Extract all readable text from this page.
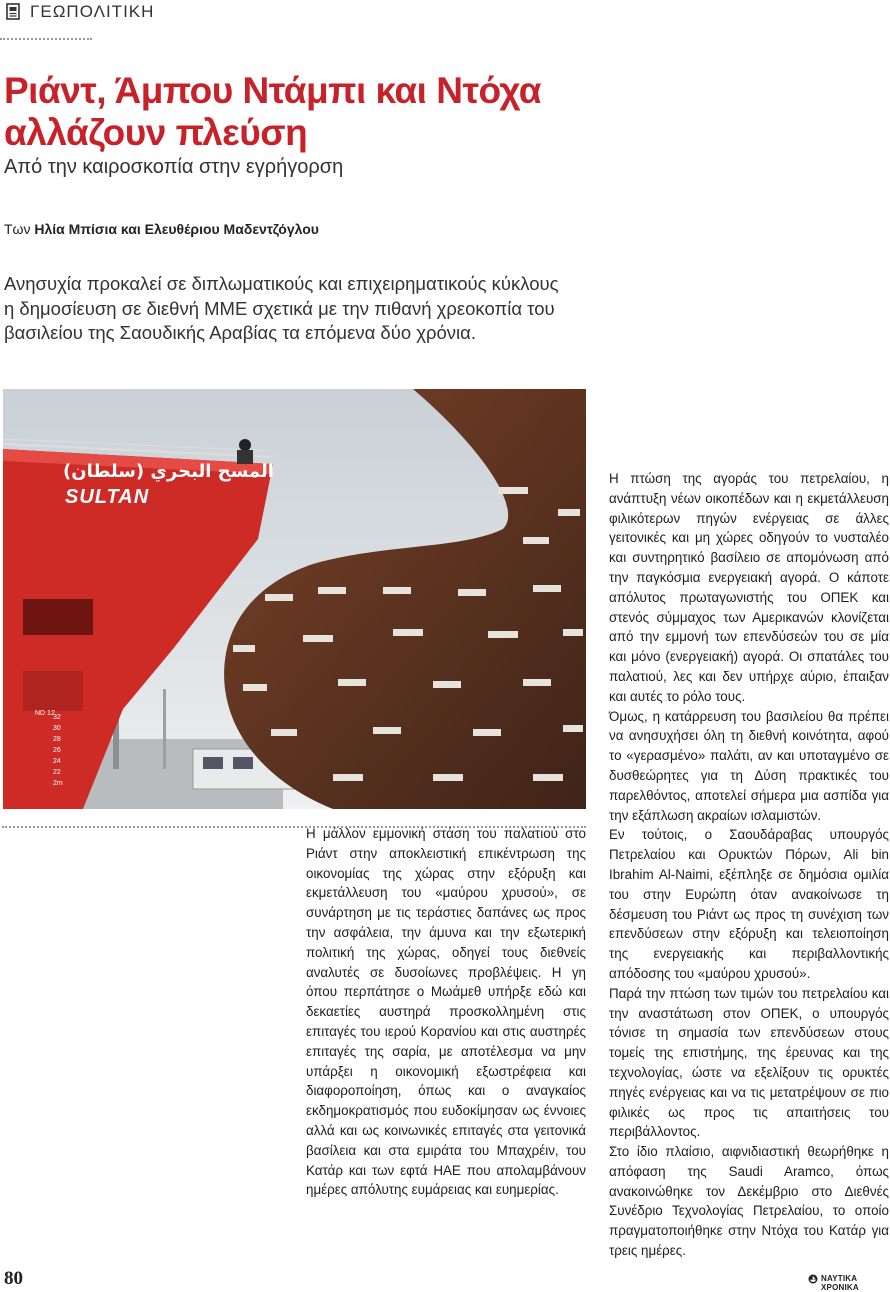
ΓΕΩΠΟΛΙΤΙΚΗ
Ριάντ, Άμπου Ντάμπι και Ντόχα αλλάζουν πλεύση
Από την καιροσκοπία στην εγρήγορση
Των Ηλία Μπίσια και Ελευθέριου Μαδεντζόγλου
Ανησυχία προκαλεί σε διπλωματικούς και επιχειρηματικούς κύκλους η δημοσίευση σε διεθνή ΜΜΕ σχετικά με την πιθανή χρεοκοπία του βασιλείου της Σαουδικής Αραβίας τα επόμενα δύο χρόνια.
المسح البحري (سلطان)
SULTAN
ND 12
32
30
28
26
24
22
2m

Η μάλλον εμμονική στάση του παλατιού στο Ριάντ στην αποκλειστική επικέντρωση της οικονομίας της χώρας στην εξόρυξη και εκμετάλλευση του «μαύρου χρυσού», σε συνάρτηση με τις τεράστιες δαπάνες ως προς την ασφάλεια, την άμυνα και την εξωτερική πολιτική της χώρας, οδηγεί τους διεθνείς αναλυτές σε δυσοίωνες προβλέψεις. Η γη όπου περπάτησε ο Μωάμεθ υπήρξε εδώ και δεκαετίες αυστηρά προσκολλημένη στις επιταγές του ιερού Κορανίου και στις αυστηρές επιταγές της σαρία, με αποτέλεσμα να μην υπάρξει η οικονομική εξωστρέφεια και διαφοροποίηση, όπως και ο αναγκαίος εκδημοκρατισμός που ευδοκίμησαν ως έννοιες αλλά και ως κοινωνικές επιταγές στα γειτονικά βασίλεια και στα εμιράτα του Μπαχρέιν, του Κατάρ και των εφτά ΗΑΕ που απολαμβάνουν ημέρες απόλυτης ευμάρειας και ευημερίας.

Η πτώση της αγοράς του πετρελαίου, η ανάπτυξη νέων οικοπέδων και η εκμετάλλευση φιλικότερων πηγών ενέργειας σε άλλες γειτονικές και μη χώρες οδηγούν το νυσταλέο και συντηρητικό βασίλειο σε απομόνωση από την παγκόσμια ενεργειακή αγορά. Ο κάποτε απόλυτος πρωταγωνιστής του ΟΠΕΚ και στενός σύμμαχος των Αμερικανών κλονίζεται από την εμμονή των επενδύσεών του σε μία και μόνο (ενεργειακή) αγορά. Οι σπατάλες του παλατιού, λες και δεν υπήρχε αύριο, έπαιξαν και αυτές το ρόλο τους.

Όμως, η κατάρρευση του βασιλείου θα πρέπει να ανησυχήσει όλη τη διεθνή κοινότητα, αφού το «γερασμένο» παλάτι, αν και υποταγμένο σε δυσθεώρητες για τη Δύση πρακτικές του παρελθόντος, αποτελεί σήμερα μια ασπίδα για την εξάπλωση ακραίων ισλαμιστών.

Εν τούτοις, ο Σαουδάραβας υπουργός Πετρελαίου και Ορυκτών Πόρων, Ali bin Ibrahim Al-Naimi, εξέπληξε σε δημόσια ομιλία του στην Ευρώπη όταν ανακοίνωσε τη δέσμευση του Ριάντ ως προς τη συνέχιση των επενδύσεων στην εξόρυξη και τελειοποίηση της ενεργειακής και περιβαλλοντικής απόδοσης του «μαύρου χρυσού».

Παρά την πτώση των τιμών του πετρελαίου και την αναστάτωση στον ΟΠΕΚ, ο υπουργός τόνισε τη σημασία των επενδύσεων στους τομείς της επιστήμης, της έρευνας και της τεχνολογίας, ώστε να εξελίξουν τις ορυκτές πηγές ενέργειας και να τις μετατρέψουν σε πιο φιλικές ως προς τις απαιτήσεις του περιβάλλοντος.

Στο ίδιο πλαίσιο, αιφνιδιαστική θεωρήθηκε η απόφαση της Saudi Aramco, όπως ανακοινώθηκε τον Δεκέμβριο στο Διεθνές Συνέδριο Τεχνολογίας Πετρελαίου, το οποίο πραγματοποιήθηκε στην Ντόχα του Κατάρ για τρεις ημέρες.

80	ΝΑΥΤΙΚΑ ΧΡΟΝΙΚΑ
